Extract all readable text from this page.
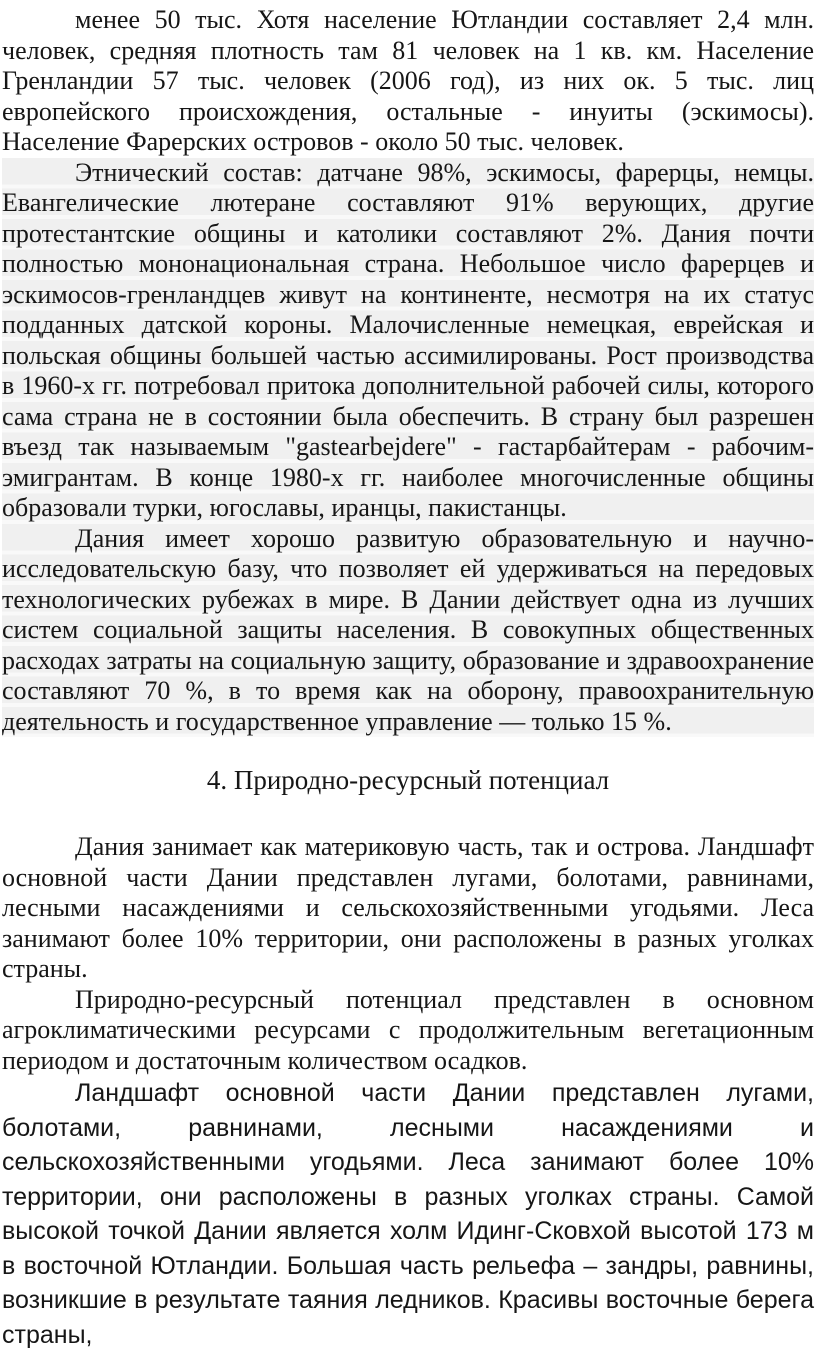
менее 50 тыс. Хотя население Ютландии составляет 2,4 млн. человек, средняя плотность там 81 человек на 1 кв. км. Население Гренландии 57 тыс. человек (2006 год), из них ок. 5 тыс. лиц европейского происхождения, остальные - инуиты (эскимосы). Население Фарерских островов - около 50 тыс. человек.

Этнический состав: датчане 98%, эскимосы, фарерцы, немцы. Евангелические лютеране составляют 91% верующих, другие протестантские общины и католики составляют 2%. Дания почти полностью мононациональная страна. Небольшое число фарерцев и эскимосов-гренландцев живут на континенте, несмотря на их статус подданных датской короны. Малочисленные немецкая, еврейская и польская общины большей частью ассимилированы. Рост производства в 1960-х гг. потребовал притока дополнительной рабочей силы, которого сама страна не в состоянии была обеспечить. В страну был разрешен въезд так называемым "gastearbejdere" - гастарбайтерам - рабочим-эмигрантам. В конце 1980-х гг. наиболее многочисленные общины образовали турки, югославы, иранцы, пакистанцы.

Дания имеет хорошо развитую образовательную и научно-исследовательскую базу, что позволяет ей удерживаться на передовых технологических рубежах в мире. В Дании действует одна из лучших систем социальной защиты населения. В совокупных общественных расходах затраты на социальную защиту, образование и здравоохранение составляют 70 %, в то время как на оборону, правоохранительную деятельность и государственное управление — только 15 %.

4. Природно-ресурсный потенциал

Дания занимает как материковую часть, так и острова. Ландшафт основной части Дании представлен лугами, болотами, равнинами, лесными насаждениями и сельскохозяйственными угодьями. Леса занимают более 10% территории, они расположены в разных уголках страны.

Природно-ресурсный потенциал представлен в основном агроклиматическими ресурсами с продолжительным вегетационным периодом и достаточным количеством осадков.

Ландшафт основной части Дании представлен лугами, болотами, равнинами, лесными насаждениями и сельскохозяйственными угодьями. Леса занимают более 10% территории, они расположены в разных уголках страны. Самой высокой точкой Дании является холм Идинг-Сковхой высотой 173 м в восточной Ютландии. Большая часть рельефа – зандры, равнины, возникшие в результате таяния ледников. Красивы восточные берега страны,
